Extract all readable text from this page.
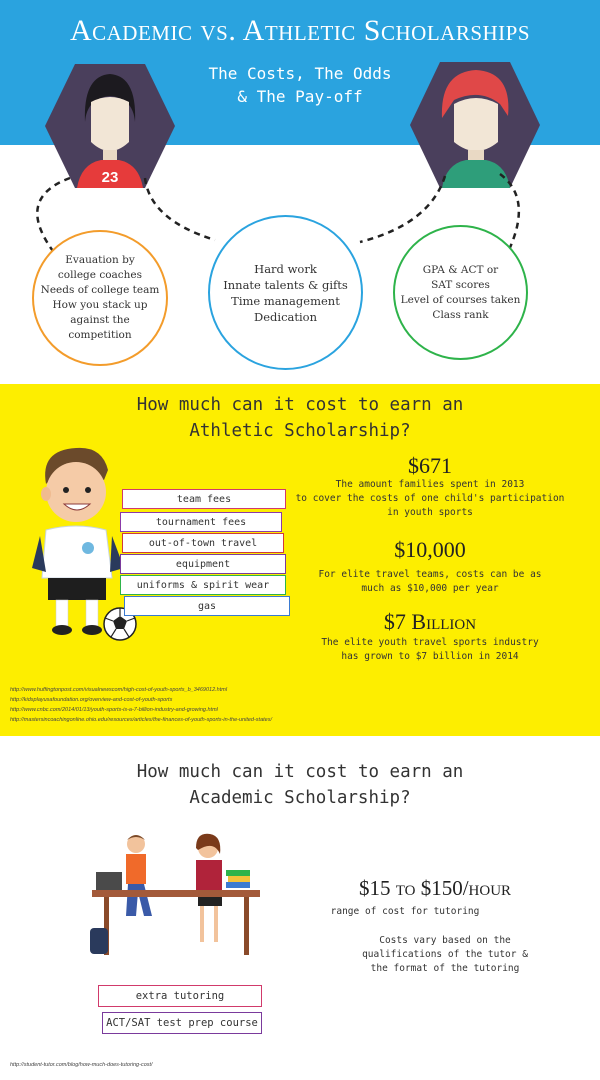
Academic vs. Athletic Scholarships
The Costs, The Odds
& The Pay-off
23
Evauation by
college coaches
Needs of college team
How you stack up
against the
competition
Hard work
Innate talents & gifts
Time management
Dedication
GPA & ACT or
SAT scores
Level of courses taken
Class rank
How much can it cost to earn an
Athletic Scholarship?
team fees
tournament fees
out-of-town travel
equipment
uniforms & spirit wear
gas
$671
The amount families spent in 2013
to cover the costs of one child's participation
in youth sports
$10,000
For elite travel teams, costs can be as
much as $10,000 per year
$7 Billion
The elite youth travel sports industry
has grown to $7 billion in 2014
http://www.huffingtonpost.com/visualnewscom/high-cost-of-youth-sports_b_3469012.html
http://kidsplayusafoundation.org/overview-and-cost-of-youth-sports
http://www.cnbc.com/2014/01/13/youth-sports-is-a-7-billion-industry-and-growing.html
http://mastersincoachingonline.ohio.edu/resources/articles/the-finances-of-youth-sports-in-the-united-states/
How much can it cost to earn an
Academic Scholarship?
$15 to $150/hour
range of cost for tutoring
Costs vary based on the
qualifications of the tutor &
the format of the tutoring
extra tutoring
ACT/SAT test prep course
http://student-tutor.com/blog/how-much-does-tutoring-cost/
